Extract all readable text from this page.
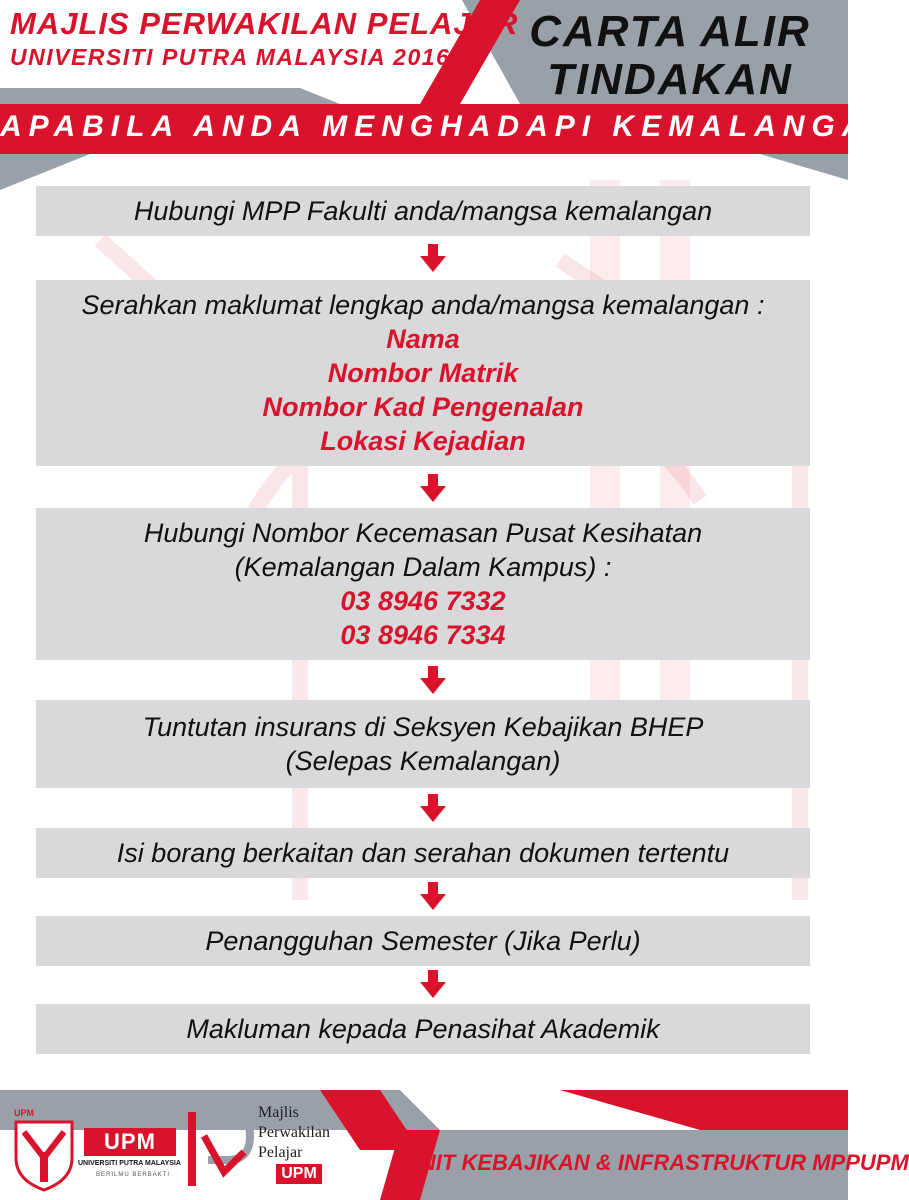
MAJLIS PERWAKILAN PELAJAR
UNIVERSITI PUTRA MALAYSIA 2016/17
CARTA ALIR
TINDAKAN
APABILA ANDA MENGHADAPI KEMALANGAN
Hubungi MPP Fakulti anda/mangsa kemalangan
Serahkan maklumat lengkap anda/mangsa kemalangan :
Nama
Nombor Matrik
Nombor Kad Pengenalan
Lokasi Kejadian
Hubungi Nombor Kecemasan Pusat Kesihatan
(Kemalangan Dalam Kampus) :
03 8946 7332
03 8946 7334
Tuntutan insurans di Seksyen Kebajikan BHEP
(Selepas Kemalangan)
Isi borang berkaitan dan serahan dokumen tertentu
Penangguhan Semester (Jika Perlu)
Makluman kepada Penasihat Akademik
UPM
UPM
UNIVERSITI PUTRA MALAYSIA
BERILMU BERBAKTI
Majlis
Perwakilan
Pelajar
UPM	UNIT KEBAJIKAN & INFRASTRUKTUR MPPUPM
